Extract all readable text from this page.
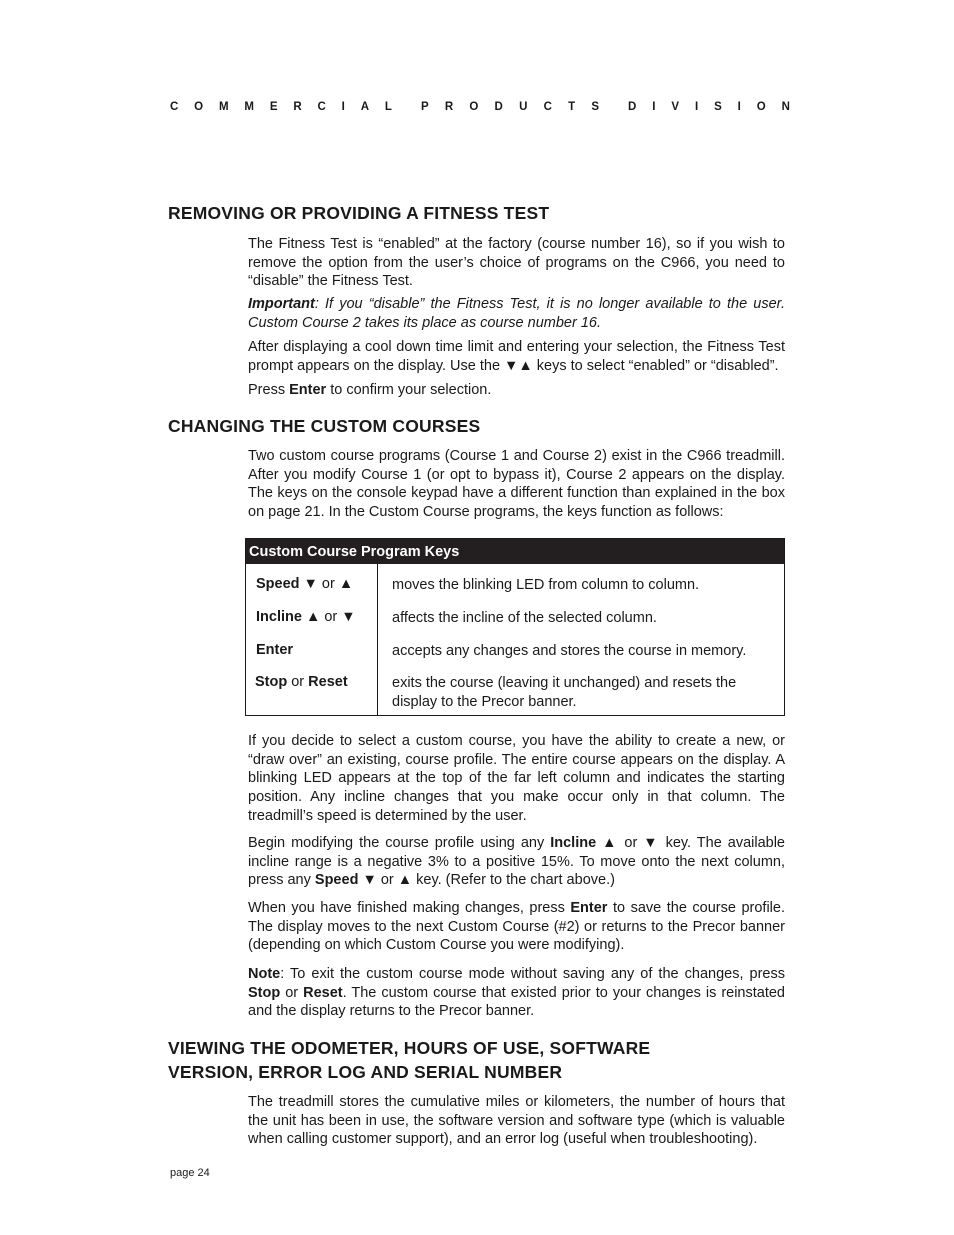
C O M M E R C I A L	P R O D U C T S	D I V I S I O N
REMOVING OR PROVIDING A FITNESS TEST

The Fitness Test is “enabled” at the factory (course number 16), so if you wish to remove the option from the user’s choice of programs on the C966, you need to “disable” the Fitness Test.

Important: If you “disable” the Fitness Test, it is no longer available to the user. Custom Course 2 takes its place as course number 16.

After displaying a cool down time limit and entering your selection, the Fitness Test prompt appears on the display. Use the ▼▲ keys to select “enabled” or “disabled”.

Press Enter to confirm your selection.

CHANGING THE CUSTOM COURSES

Two custom course programs (Course 1 and Course 2) exist in the C966 treadmill. After you modify Course 1 (or opt to bypass it), Course 2 appears on the display. The keys on the console keypad have a different function than explained in the box on page 21. In the Custom Course programs, the keys function as follows:

Custom Course Program Keys
Speed ▼ or ▲	moves the blinking LED from column to column.
Incline ▲ or ▼	affects the incline of the selected column.
Enter	accepts any changes and stores the course in memory.
Stop or Reset	exits the course (leaving it unchanged) and resets the display to the Precor banner.

If you decide to select a custom course, you have the ability to create a new, or “draw over” an existing, course profile. The entire course appears on the display. A blinking LED appears at the top of the far left column and indicates the starting position. Any incline changes that you make occur only in that column. The treadmill’s speed is determined by the user.

Begin modifying the course profile using any Incline ▲ or ▼ key. The available incline range is a negative 3% to a positive 15%. To move onto the next column, press any Speed ▼ or ▲ key. (Refer to the chart above.)

When you have finished making changes, press Enter to save the course profile. The display moves to the next Custom Course (#2) or returns to the Precor banner (depending on which Custom Course you were modifying).

Note: To exit the custom course mode without saving any of the changes, press Stop or Reset. The custom course that existed prior to your changes is reinstated and the display returns to the Precor banner.

VIEWING THE ODOMETER, HOURS OF USE, SOFTWARE
VERSION, ERROR LOG AND SERIAL NUMBER

The treadmill stores the cumulative miles or kilometers, the number of hours that the unit has been in use, the software version and software type (which is valuable when calling customer support), and an error log (useful when troubleshooting).

page 24
